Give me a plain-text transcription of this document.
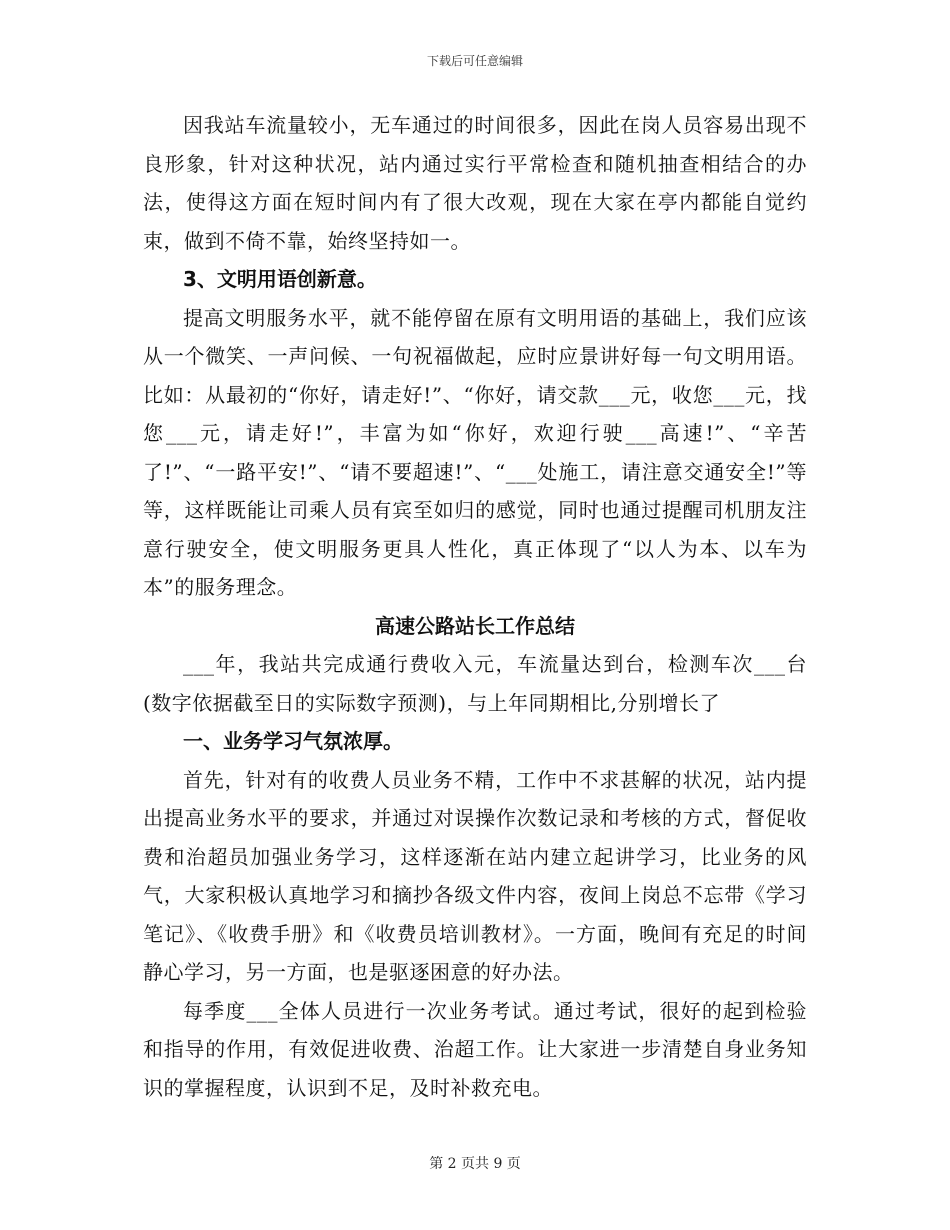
下载后可任意编辑

因我站车流量较小，无车通过的时间很多，因此在岗人员容易出现不良形象，针对这种状况，站内通过实行平常检查和随机抽查相结合的办法，使得这方面在短时间内有了很大改观，现在大家在亭内都能自觉约束，做到不倚不靠，始终坚持如一。

3、文明用语创新意。

提高文明服务水平，就不能停留在原有文明用语的基础上，我们应该从一个微笑、一声问候、一句祝福做起，应时应景讲好每一句文明用语。比如：从最初的“你好，请走好!”、“你好，请交款___元，收您___元，找您___元，请走好!”，丰富为如“你好，欢迎行驶___高速!”、“辛苦了!”、“一路平安!”、“请不要超速!”、“___处施工，请注意交通安全!”等等，这样既能让司乘人员有宾至如归的感觉，同时也通过提醒司机朋友注意行驶安全，使文明服务更具人性化，真正体现了“以人为本、以车为本”的服务理念。

高速公路站长工作总结

___年，我站共完成通行费收入元，车流量达到台，检测车次___台(数字依据截至日的实际数字预测)，与上年同期相比,分别增长了

一、业务学习气氛浓厚。

首先，针对有的收费人员业务不精，工作中不求甚解的状况，站内提出提高业务水平的要求，并通过对误操作次数记录和考核的方式，督促收费和治超员加强业务学习，这样逐渐在站内建立起讲学习，比业务的风气，大家积极认真地学习和摘抄各级文件内容，夜间上岗总不忘带《学习笔记》、《收费手册》和《收费员培训教材》。一方面，晚间有充足的时间静心学习，另一方面，也是驱逐困意的好办法。

每季度___全体人员进行一次业务考试。通过考试，很好的起到检验和指导的作用，有效促进收费、治超工作。让大家进一步清楚自身业务知识的掌握程度，认识到不足，及时补救充电。

第 2 页共 9 页
